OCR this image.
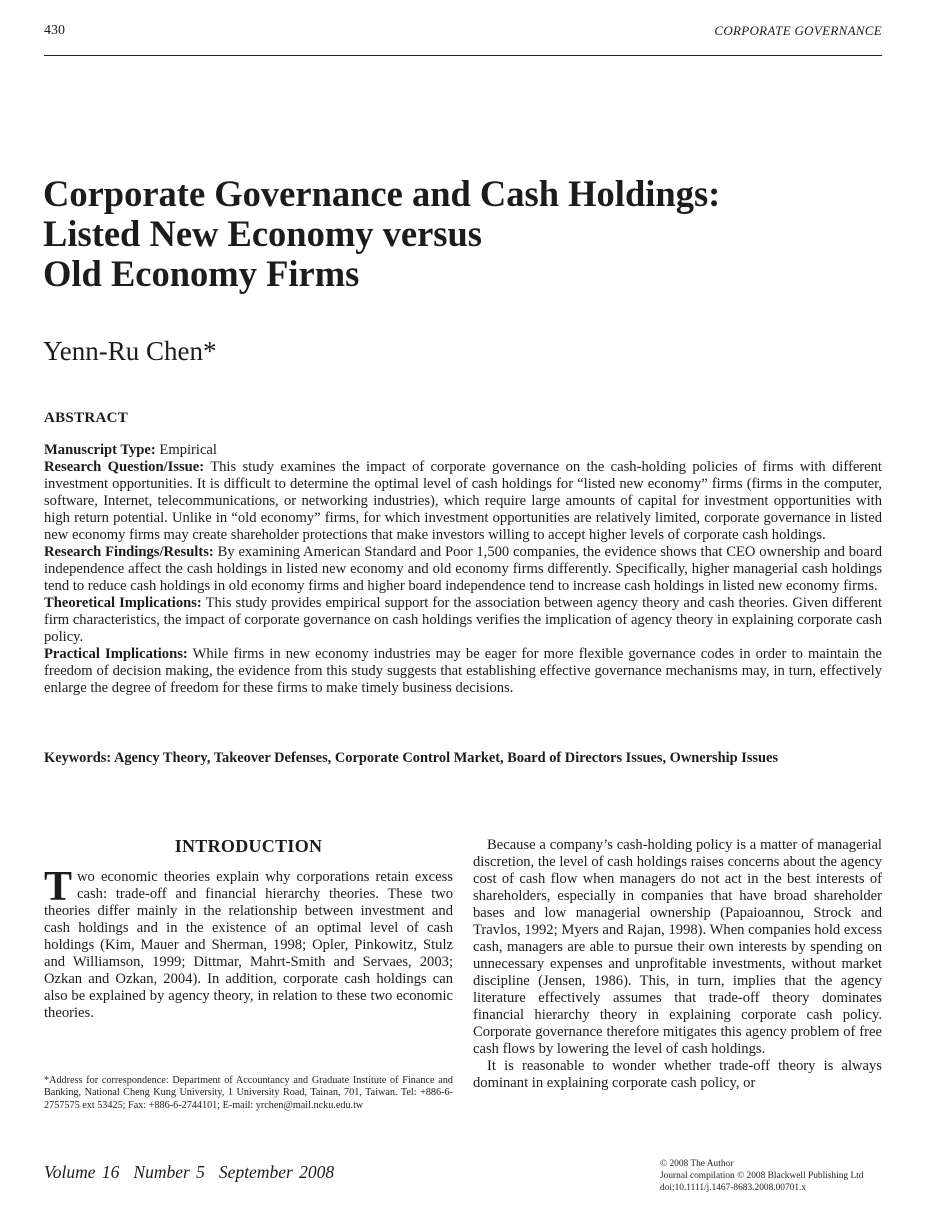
430	CORPORATE GOVERNANCE
Corporate Governance and Cash Holdings:
Listed New Economy versus
Old Economy Firms
Yenn-Ru Chen*
ABSTRACT

Manuscript Type: Empirical

Research Question/Issue: This study examines the impact of corporate governance on the cash-holding policies of firms with different investment opportunities. It is difficult to determine the optimal level of cash holdings for “listed new economy” firms (firms in the computer, software, Internet, telecommunications, or networking industries), which require large amounts of capital for investment opportunities with high return potential. Unlike in “old economy” firms, for which investment opportunities are relatively limited, corporate governance in listed new economy firms may create shareholder protections that make investors willing to accept higher levels of corporate cash holdings.

Research Findings/Results: By examining American Standard and Poor 1,500 companies, the evidence shows that CEO ownership and board independence affect the cash holdings in listed new economy and old economy firms differently. Specifically, higher managerial cash holdings tend to reduce cash holdings in old economy firms and higher board independence tend to increase cash holdings in listed new economy firms.

Theoretical Implications: This study provides empirical support for the association between agency theory and cash theories. Given different firm characteristics, the impact of corporate governance on cash holdings verifies the implication of agency theory in explaining corporate cash policy.

Practical Implications: While firms in new economy industries may be eager for more flexible governance codes in order to maintain the freedom of decision making, the evidence from this study suggests that establishing effective governance mechanisms may, in turn, effectively enlarge the degree of freedom for these firms to make timely business decisions.

Keywords: Agency Theory, Takeover Defenses, Corporate Control Market, Board of Directors Issues, Ownership Issues
INTRODUCTION
Two economic theories explain why corporations retain excess cash: trade-off and financial hierarchy theories. These two theories differ mainly in the relationship between investment and cash holdings and in the existence of an optimal level of cash holdings (Kim, Mauer and Sherman, 1998; Opler, Pinkowitz, Stulz and Williamson, 1999; Dittmar, Mahrt-Smith and Servaes, 2003; Ozkan and Ozkan, 2004). In addition, corporate cash holdings can also be explained by agency theory, in relation to these two economic theories.
Because a company’s cash-holding policy is a matter of managerial discretion, the level of cash holdings raises concerns about the agency cost of cash flow when managers do not act in the best interests of shareholders, especially in companies that have broad shareholder bases and low managerial ownership (Papaioannou, Strock and Travlos, 1992; Myers and Rajan, 1998). When companies hold excess cash, managers are able to pursue their own interests by spending on unnecessary expenses and unprofitable investments, without market discipline (Jensen, 1986). This, in turn, implies that the agency literature effectively assumes that trade-off theory dominates financial hierarchy theory in explaining corporate cash policy. Corporate governance therefore mitigates this agency problem of free cash flows by lowering the level of cash holdings.
It is reasonable to wonder whether trade-off theory is always dominant in explaining corporate cash policy, or
*Address for correspondence: Department of Accountancy and Graduate Institute of Finance and Banking, National Cheng Kung University, 1 University Road, Tainan, 701, Taiwan. Tel: +886-6-2757575 ext 53425; Fax: +886-6-2744101; E-mail: yrchen@mail.ncku.edu.tw
Volume 16 Number 5 September 2008	© 2008 The Author
Journal compilation © 2008 Blackwell Publishing Ltd
doi:10.1111/j.1467-8683.2008.00701.x
